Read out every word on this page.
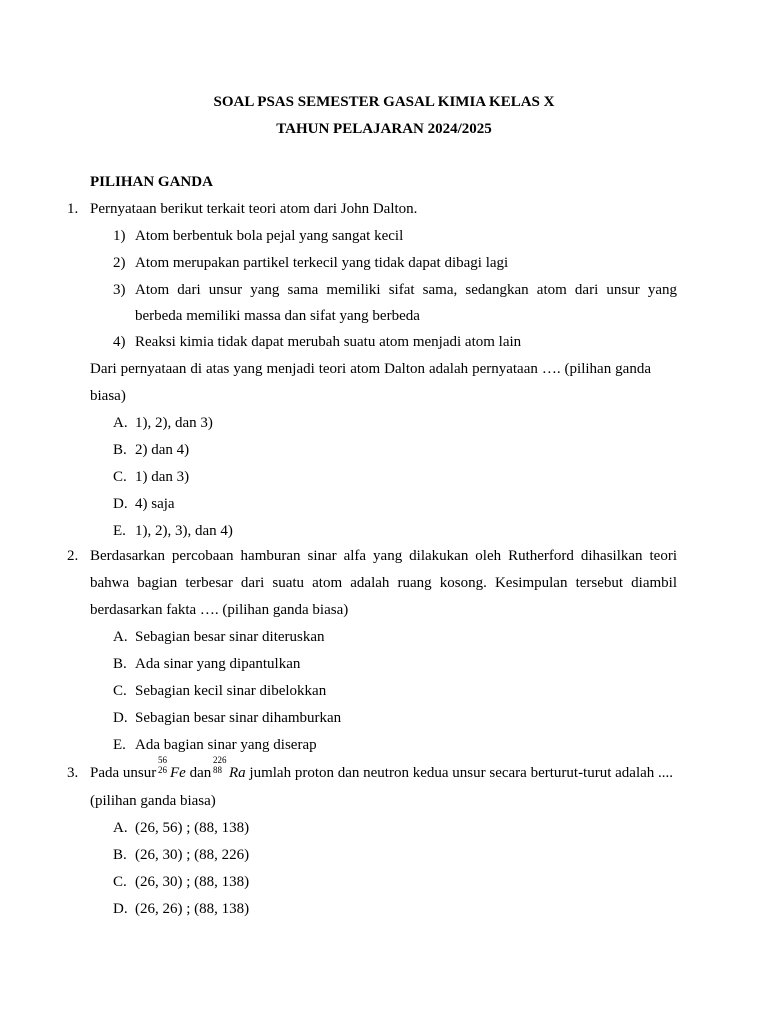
SOAL PSAS SEMESTER GASAL KIMIA KELAS X
TAHUN PELAJARAN 2024/2025
PILIHAN GANDA
1. Pernyataan berikut terkait teori atom dari John Dalton.
1) Atom berbentuk bola pejal yang sangat kecil
2) Atom merupakan partikel terkecil yang tidak dapat dibagi lagi
3) Atom dari unsur yang sama memiliki sifat sama, sedangkan atom dari unsur yang
berbeda memiliki massa dan sifat yang berbeda
4) Reaksi kimia tidak dapat merubah suatu atom menjadi atom lain
Dari pernyataan di atas yang menjadi teori atom Dalton adalah pernyataan …. (pilihan ganda
biasa)
A. 1), 2), dan 3)
B. 2) dan 4)
C. 1) dan 3)
D. 4) saja
E. 1), 2), 3), dan 4)
2. Berdasarkan percobaan hamburan sinar alfa yang dilakukan oleh Rutherford dihasilkan teori
bahwa bagian terbesar dari suatu atom adalah ruang kosong. Kesimpulan tersebut diambil
berdasarkan fakta …. (pilihan ganda biasa)
A. Sebagian besar sinar diteruskan
B. Ada sinar yang dipantulkan
C. Sebagian kecil sinar dibelokkan
D. Sebagian besar sinar dihamburkan
E. Ada bagian sinar yang diserap
3. Pada unsur
56
26 Fe dan
226
88 Ra jumlah proton dan neutron kedua unsur secara berturut-turut adalah ....
(pilihan ganda biasa)
A. (26, 56) ; (88, 138)
B. (26, 30) ; (88, 226)
C. (26, 30) ; (88, 138)
D. (26, 26) ; (88, 138)
